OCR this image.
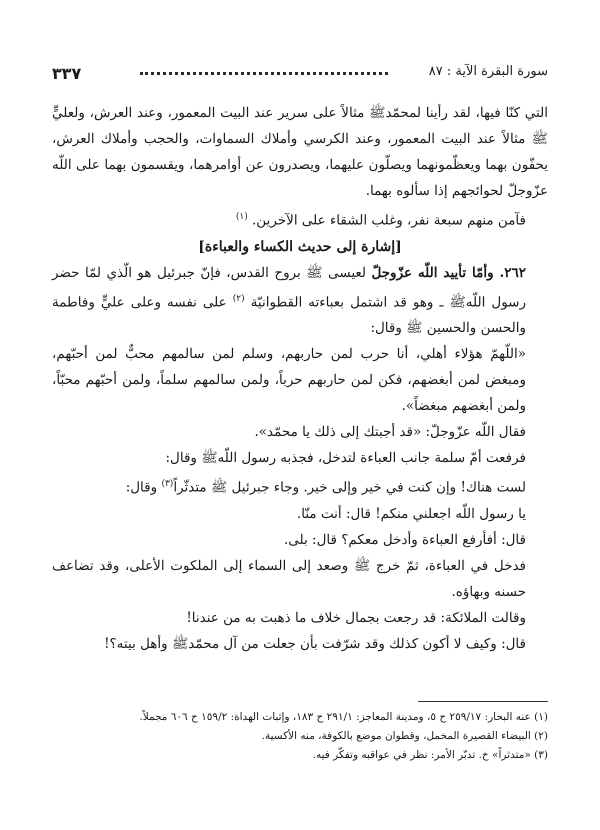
٣٣٧	سورة البقرة الآية : ٨٧

التي كنّا فيها، لقد رأينا لمحمّدﷺ مثالاً على سرير عند البيت المعمور، وعند العرش، ولعليٍّ ﷺ مثالاً عند البيت المعمور، وعند الكرسي وأملاك السماوات، والحجب وأملاك العرش، يحفّون بهما ويعظّمونهما ويصلّون عليهما، ويصدرون عن أوامرهما، ويقسمون بهما على اللّه عزّوجلّ لحوائجهم إذا سألوه بهما.

فآمن منهم سبعة نفر، وغلب الشقاء على الآخرين. $^{(١)}$

[إشارة إلى حديث الكساء والعباءة]

٢٦٢. وأمّا تأييد اللّه عزّوجلّ لعيسى ﷺ بروح القدس، فإنّ جبرئيل هو الّذي لمّا حضر رسول اللّهﷺ ـ وهو قد اشتمل بعباءته القطوانيّة $^{(٢)}$ على نفسه وعلى عليٍّ وفاطمة والحسن والحسين ﷺ وقال:

«اللّهمّ هؤلاء أهلي، أنا حرب لمن حاربهم، وسلم لمن سالمهم محبٌّ لمن أحبّهم، ومبغض لمن أبغضهم، فكن لمن حاربهم حرباً، ولمن سالمهم سلماً، ولمن أحبّهم محبّاً، ولمن أبغضهم مبغضاً».

فقال اللّه عزّوجلّ: «قد أجبتك إلى ذلك يا محمّد».

فرفعت أمّ سلمة جانب العباءة لتدخل، فجذبه رسول اللّهﷺ وقال:

لست هناك! وإن كنت في خير وإلى خير. وجاء جبرئيل ﷺ متدثّراً$^{(٣)}$ وقال:

يا رسول اللّه اجعلني منكم! قال: أنت منّا.

قال: أفأرفع العباءة وأدخل معكم؟ قال: بلى.

فدخل في العباءة، ثمّ خرج ﷺ وصعد إلى السماء إلى الملكوت الأعلى، وقد تضاعف حسنه وبهاؤه.

وقالت الملائكة: قد رجعت بجمال خلاف ما ذهبت به من عندنا!

قال: وكيف لا أكون كذلك وقد شرّفت بأن جعلت من آل محمّدﷺ وأهل بيته؟!

(١) عنه البحار: ٢٥٩/١٧ ح ٥، ومدينة المعاجز: ٢٩١/١ ح ١٨٣، وإثبات الهداة: ١٥٩/٢ ح ٦٠٦ مجملاً.

(٢) البيضاء القصيرة المخمل، وقطوان موضع بالكوفة، منه الأكسية.

(٣) «متدثراً» خ. تدبّر الأمر: نظر في عواقبه وتفكّر فيه.
